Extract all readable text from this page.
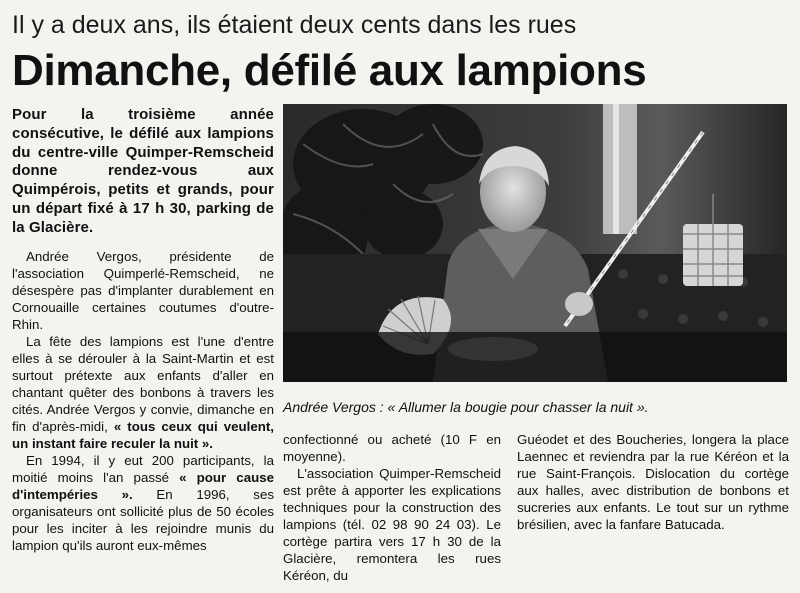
Il y a deux ans, ils étaient deux cents dans les rues
Dimanche, défilé aux lampions
Pour la troisième année consécutive, le défilé aux lampions du centre-ville Quimper-Remscheid donne rendez-vous aux Quimpérois, petits et grands, pour un départ fixé à 17 h 30, parking de la Glacière.

Andrée Vergos, présidente de l'association Quimperlé-Remscheid, ne désespère pas d'implanter durablement en Cornouaille certaines coutumes d'outre-Rhin.

La fête des lampions est l'une d'entre elles à se dérouler à la Saint-Martin et est surtout prétexte aux enfants d'aller en chantant quêter des bonbons à travers les cités. Andrée Vergos y convie, dimanche en fin d'après-midi, « tous ceux qui veulent, un instant faire reculer la nuit ».

En 1994, il y eut 200 participants, la moitié moins l'an passé « pour cause d'intempéries ». En 1996, ses organisateurs ont sollicité plus de 50 écoles pour les inciter à les rejoindre munis du lampion qu'ils auront eux-mêmes

Andrée Vergos : « Allumer la bougie pour chasser la nuit ».

confectionné ou acheté (10 F en moyenne).

L'association Quimper-Remscheid est prête à apporter les explications techniques pour la construction des lampions (tél. 02 98 90 24 03). Le cortège partira vers 17 h 30 de la Glacière, remontera les rues Kéréon, du

Guéodet et des Boucheries, longera la place Laennec et reviendra par la rue Kéréon et la rue Saint-François. Dislocation du cortège aux halles, avec distribution de bonbons et sucreries aux enfants. Le tout sur un rythme brésilien, avec la fanfare Batucada.
